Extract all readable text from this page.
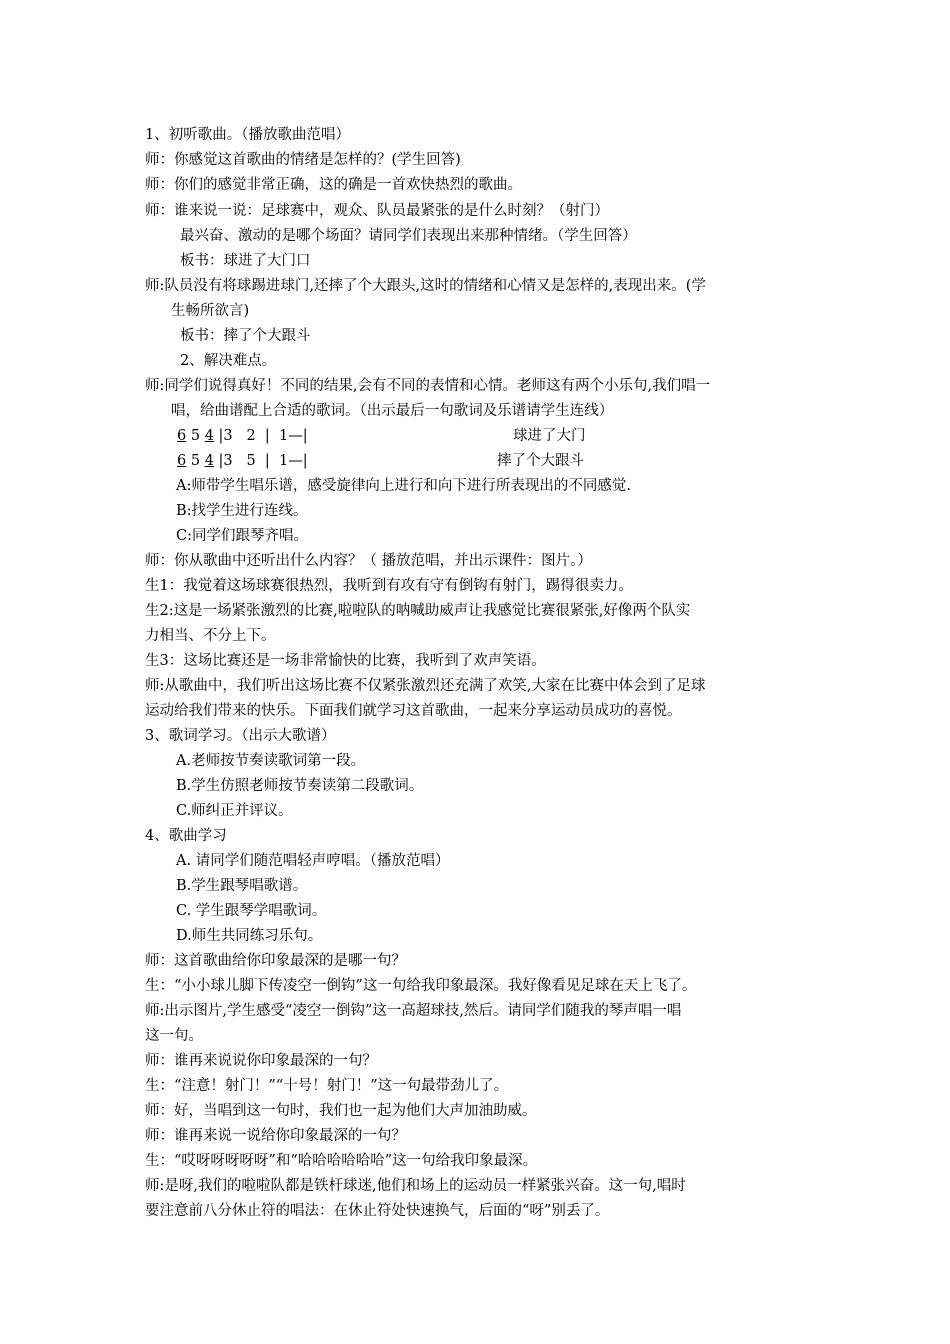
1、初听歌曲。（播放歌曲范唱）
师：你感觉这首歌曲的情绪是怎样的？(学生回答)
师：你们的感觉非常正确，这的确是一首欢快热烈的歌曲。
师：谁来说一说：足球赛中，观众、队员最紧张的是什么时刻？（射门）
最兴奋、激动的是哪个场面？请同学们表现出来那种情绪。（学生回答）
板书：球进了大门口
师:队员没有将球踢进球门,还摔了个大跟头,这时的情绪和心情又是怎样的,表现出来。(学
生畅所欲言)
板书：摔了个大跟斗
2、解决难点。
师:同学们说得真好！不同的结果,会有不同的表情和心情。老师这有两个小乐句,我们唱一
唱，给曲谱配上合适的歌词。（出示最后一句歌词及乐谱请学生连线）
6 5 4 |3   2  |  1—|	球进了大门
6 5 4 |3   5  |  1—|	摔了个大跟斗
A:师带学生唱乐谱，感受旋律向上进行和向下进行所表现出的不同感觉.
B:找学生进行连线。
C:同学们跟琴齐唱。
师：你从歌曲中还听出什么内容？（ 播放范唱，并出示课件：图片。）
生1：我觉着这场球赛很热烈，我听到有攻有守有倒钩有射门，踢得很卖力。
生2:这是一场紧张激烈的比赛,啦啦队的呐喊助威声让我感觉比赛很紧张,好像两个队实
力相当、不分上下。
生3：这场比赛还是一场非常愉快的比赛，我听到了欢声笑语。
师:从歌曲中，我们听出这场比赛不仅紧张激烈还充满了欢笑,大家在比赛中体会到了足球
运动给我们带来的快乐。下面我们就学习这首歌曲，一起来分享运动员成功的喜悦。
3、歌词学习。（出示大歌谱）
A.老师按节奏读歌词第一段。
B.学生仿照老师按节奏读第二段歌词。
C.师纠正并评议。
4、歌曲学习
A. 请同学们随范唱轻声哼唱。（播放范唱）
B.学生跟琴唱歌谱。
C. 学生跟琴学唱歌词。
D.师生共同练习乐句。
师：这首歌曲给你印象最深的是哪一句？
生：“小小球儿脚下传凌空一倒钩”这一句给我印象最深。我好像看见足球在天上飞了。
师:出示图片,学生感受“凌空一倒钩”这一高超球技,然后。请同学们随我的琴声唱一唱
这一句。
师：谁再来说说你印象最深的一句？
生：“注意！射门！”“十号！射门！”这一句最带劲儿了。
师：好，当唱到这一句时，我们也一起为他们大声加油助威。
师：谁再来说一说给你印象最深的一句？
生：“哎呀呀呀呀呀”和“哈哈哈哈哈哈”这一句给我印象最深。
师:是呀,我们的啦啦队都是铁杆球迷,他们和场上的运动员一样紧张兴奋。这一句,唱时
要注意前八分休止符的唱法：在休止符处快速换气，后面的“呀”别丢了。
